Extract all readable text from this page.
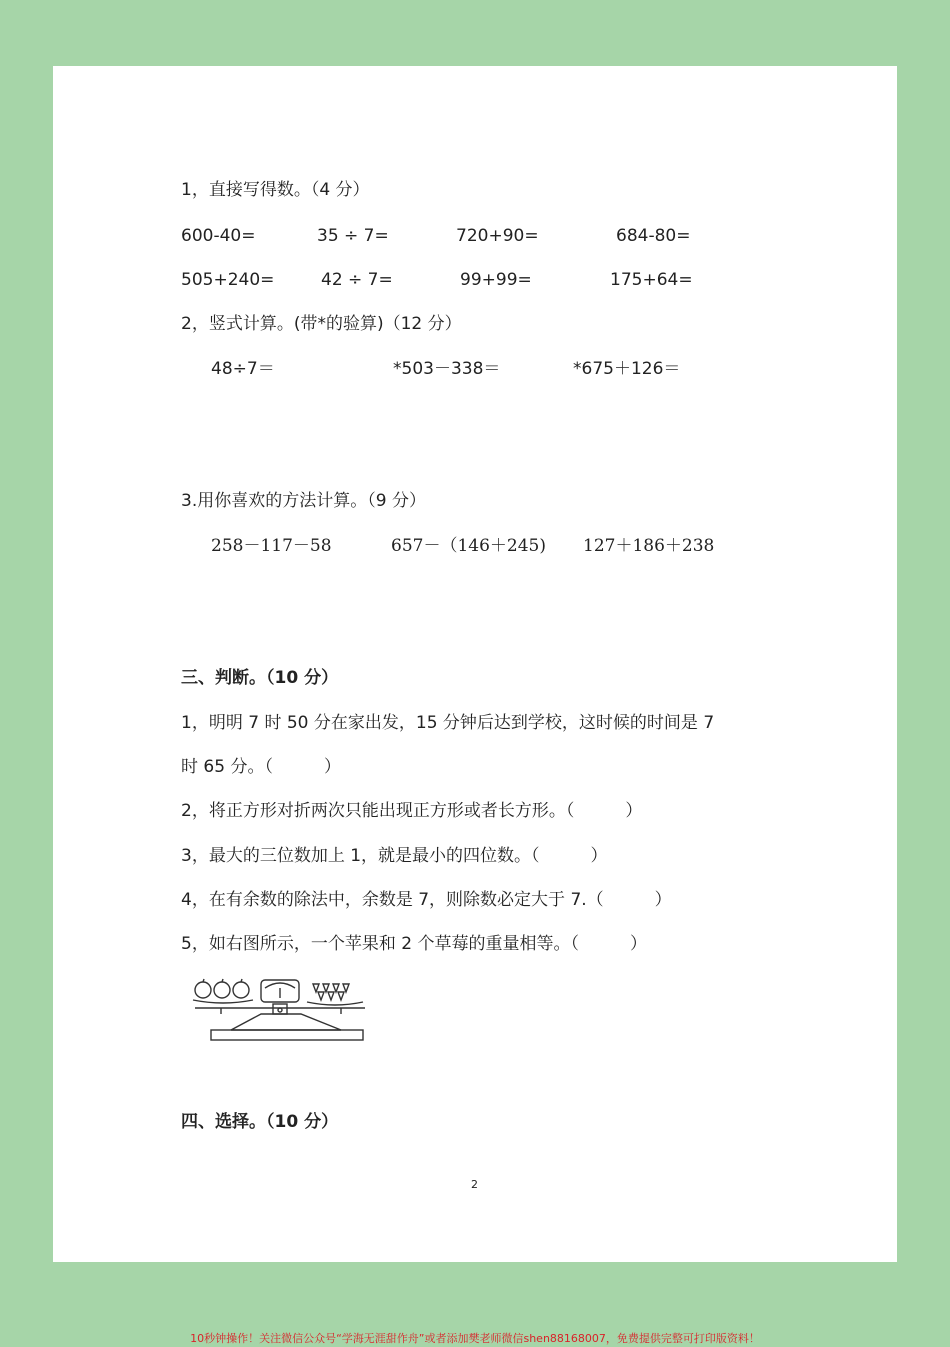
1，直接写得数。（4 分）
600-40=	35 ÷ 7=	720+90=	684-80=
505+240=	42 ÷ 7=	99+99=	175+64=
2，竖式计算。(带*的验算)（12 分）
48÷7＝	*503－338＝	*675＋126＝
3.用你喜欢的方法计算。（9 分）
258－117－58	657－（146＋245) 127＋186＋238
三、判断。（10 分）
1，明明 7 时 50 分在家出发，15 分钟后达到学校，这时候的时间是 7
时 65 分。（　　　）
2，将正方形对折两次只能出现正方形或者长方形。（　　　）
3，最大的三位数加上 1，就是最小的四位数。（　　　）
4，在有余数的除法中，余数是 7，则除数必定大于 7.（　　　）
5，如右图所示，一个苹果和 2 个草莓的重量相等。（　　　）
四、选择。（10 分）
2
10秒钟操作！关注微信公众号“学海无涯甜作舟”或者添加樊老师微信shen88168007，免费提供完整可打印版资料！
